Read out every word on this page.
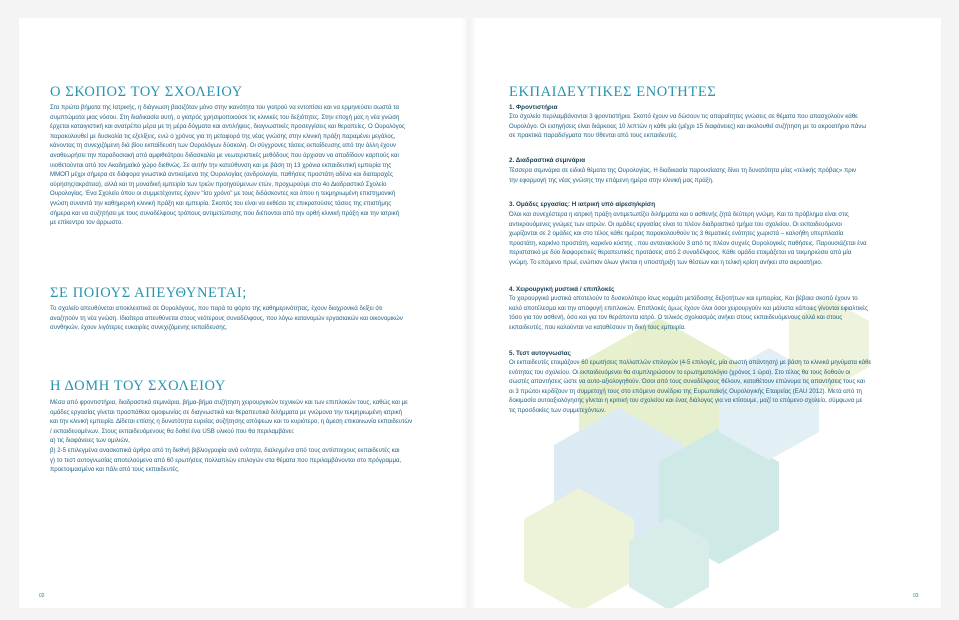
Ο ΣΚΟΠΟΣ ΤΟΥ ΣΧΟΛΕΙΟΥ
Στα πρώτα βήματα της Ιατρικής, η διάγνωση βασιζόταν μόνο στην ικανότητα του γιατρού να εντοπίσει και να ερμηνεύσει σωστά τα
συμπτώματα μιας νόσου. Στη διαδικασία αυτή, ο γιατρός χρησιμοποιούσε τις κλινικές του δεξιότητες. Στην εποχή μας η νέα γνώση
έρχεται καταιγιστική και ανατρέπει μέρα με τη μέρα δόγματα και αντιλήψεις, διαγνωστικές προσεγγίσεις και θεραπείες. Ο Ουρολόγος
παρακολουθεί με δυσκολία τις εξελίξεις, ενώ ο χρόνος για τη μεταφορά της νέας γνώσης στην κλινική πράξη παραμένει μεγάλος,
κάνοντας τη συνεχιζόμενη διά βίου εκπαίδευση των Ουρολόγων δύσκολη. Οι σύγχρονες τάσεις εκπαίδευσης από την άλλη έχουν
αναθεωρήσει την παραδοσιακή από αμφιθεάτρου διδασκαλία με νεωτεριστικές μεθόδους που άρχισαν να αποδίδουν καρπούς και
υιοθετούνται από τον Ακαδημαϊκό χώρο διεθνώς. Σε αυτήν την κατεύθυνση και με βάση τη 13 χρόνια εκπαιδευτική εμπειρία της
ΜΜΟΠ μέχρι σήμερα σε διάφορα γνωστικά αντικείμενα της Ουρολογίας (ανδρολογία, παθήσεις προστάτη αδένα και διαταραχές
ούρησης/ακράτεια), αλλά και τη μοναδική εμπειρία των τριών προηγούμενων ετών, προχωρούμε στο 4ο Διαδραστικό Σχολείο
Ουρολογίας. Ένα Σχολείο όπου οι συμμετέχοντες έχουν "ίσο χρόνο" με τους διδάσκοντες και όπου η τεκμηριωμένη επιστημονική
γνώση συναντά την καθημερινή κλινική πράξη και εμπειρία. Σκοπός του είναι να εκθέσει τις επικρατούσες τάσεις της επιστήμης
σήμερα και να συζητήσει με τους συναδέλφους τρόπους αντιμετώπισης που διέπονται από την ορθή κλινική πράξη και την ιατρική
με επίκεντρο τον άρρωστο.
ΣΕ ΠΟΙΟΥΣ ΑΠΕΥΘΥΝΕΤΑΙ;
Το σχολείο απευθύνεται αποκλειστικά σε Ουρολόγους, που παρά το φόρτο της καθημερινότητας, έχουν διαχρονικά δείξει ότι
αναζητούν τη νέα γνώση. Ιδιαίτερα απευθύνεται στους νεότερους συναδέλφους, που λόγω κατανομών εργασιακών και οικονομικών
συνθηκών, έχουν λιγότερες ευκαιρίες συνεχιζόμενης εκπαίδευσης.
Η ΔΟΜΗ ΤΟΥ ΣΧΟΛΕΙΟΥ
Μέσα από φροντιστήρια, διαδραστικά σεμινάρια, βήμα-βήμα συζήτηση χειρουργικών τεχνικών και των επιπλοκών τους, καθώς και με
ομάδες εργασίας γίνεται προσπάθεια ομοφωνίας σε διαγνωστικά και θεραπευτικά διλήμματα με γνώμονα την τεκμηριωμένη ιατρική
και την κλινική εμπειρία. Δίδεται επίσης η δυνατότητα ευρείας συζήτησης απόψεων και το κυριότερο, η άμεση επικοινωνία εκπαιδευτών
/ εκπαιδευομένων. Στους εκπαιδευόμενους θα δοθεί ένα USB υλικού που θα περιλαμβάνει:
α) τις διαφάνειες των ομιλιών,
β) 2-5 επιλεγμένα ανασκοπικά άρθρα από τη διεθνή βιβλιογραφία ανά ενότητα, διαλεγμένα από τους αντίστοιχους εκπαιδευτές και
γ) το τεστ αυτογνωσίας αποτελούμενο από 60 ερωτήσεις πολλαπλών επιλογών στα θέματα που περιλαμβάνονται στο πρόγραμμα,
προετοιμασμένο και πάλι από τους εκπαιδευτές.
02
ΕΚΠΑΙΔΕΥΤΙΚΕΣ ΕΝΟΤΗΤΕΣ
1. Φροντιστήρια
Στο σχολείο περιλαμβάνονται 3 φροντιστήρια. Σκοπό έχουν να δώσουν τις απαραίτητες γνώσεις σε θέματα που απασχολούν κάθε
Ουρολόγο. Οι εισηγήσεις είναι διάρκειας 10 λεπτών η κάθε μία (μέχρι 15 διαφάνειες) και ακολουθεί συζήτηση με το ακροατήριο πάνω
σε πρακτικά παραδείγματα που τίθενται από τους εκπαιδευτές.
2. Διαδραστικά σεμινάρια
Τέσσερα σεμινάρια σε ειδικά θέματα της Ουρολογίας. Η διαδικασία παρουσίασης δίνει τη δυνατότητα μίας «τελικής πρόβας» πριν
την εφαρμογή της νέας γνώσης την επόμενη ημέρα στην κλινική μας πράξη.
3. Ομάδες εργασίας: Η ιατρική υπό αίρεση/κρίση
Όλοι και συνεχέστερα η ιατρική πράξη αντιμετωπίζει διλήμματα και ο ασθενής ζητά δεύτερη γνώμη. Και το πρόβλημα είναι στις
αντικρουόμενες γνώμες των ιατρών. Οι ομάδες εργασίας είναι το πλέον διαδραστικό τμήμα του σχολείου. Οι εκπαιδευόμενοι
χωρίζονται σε 2 ομάδες και στο τέλος κάθε ημέρας παρακολουθούν τις 3 θεματικές ενότητες χωριστά – καλοήθη υπερπλασία
προστάτη, καρκίνο προστάτη, καρκίνο κύστης , που αντανακλούν 3 από τις πλέον συχνές Ουρολογικές παθήσεις. Παρουσιάζεται ένα
περιστατικό με δύο διαφορετικές θεραπευτικές προτάσεις από 2 συναδέλφους. Κάθε ομάδα ετοιμάζεται να τεκμηριώσει από μία
γνώμη. Το επόμενο πρωί, ενώπιον όλων γίνεται η υποστήριξη των θέσεων και η τελική κρίση ανήκει στο ακροατήριο.
4. Χειρουργική μυστικά / επιπλοκές
Το χειρουργικά μυστικά αποτελούν το δυσκολότερο ίσως κομμάτι μετάδοσης δεξιοτήτων και εμπειρίας. Και βέβαια σκοπό έχουν το
καλό αποτέλεσμα και την αποφυγή επιπλοκών. Επιπλοκές όμως έχουν όλοι όσοι χειρουργούν και μάλιστα κάποιες γίνονται εφιαλτικές
τόσο για τον ασθενή, όσο και για τον θεράποντα ιατρό. Ο τελικός σχολιασμός ανήκει στους εκπαιδευόμενους αλλά και στους
εκπαιδευτές, που καλούνται να καταθέσουν τη δική τους εμπειρία.
5. Τεστ αυτογνωσίας
Οι εκπαιδευτές ετοιμάζουν 60 ερωτήσεις πολλαπλών επιλογών (4-5 επιλογές, μία σωστή απάντηση) με βάση το κλινικά μηνύματα κάθε
ενότητας του σχολείου. Οι εκπαιδευόμενοι θα συμπληρώσουν το ερωτηματολόγιο (χρόνος 1 ώρα). Στο τέλος θα τους δοθούν οι
σωστές απαντήσεις ώστε να αυτο-αξιολογηθούν. Όσοι από τους συναδέλφους θέλουν, καταθέτουν επώνυμα τις απαντήσεις τους και
οι 3 πρώτοι κερδίζουν τη συμμετοχή τους στο επόμενο συνέδριο της Ευρωπαϊκής Ουρολογικής Εταιρείας (EAU 2012). Μετά από τη
δοκιμασία αυτοαξιολόγησης γίνεται η κριτική του σχολείου και ένας διάλογος για να κτίσουμε, μαζί το επόμενο σχολείο, σύμφωνα με
τις προσδοκίες των συμμετεχόντων.
03
